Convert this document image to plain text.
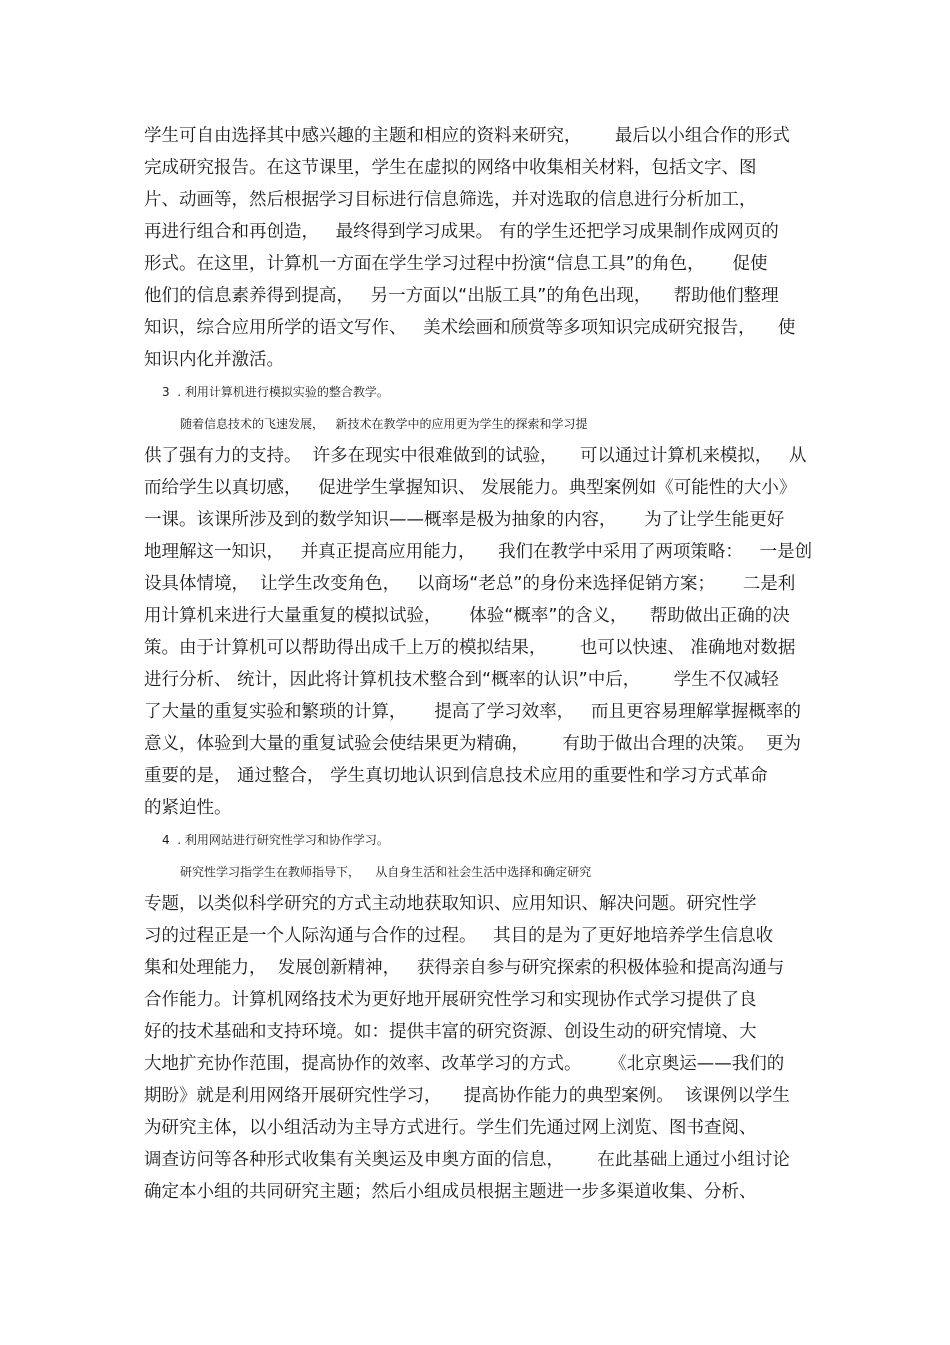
学生可自由选择其中感兴趣的主题和相应的资料来研究，      最后以小组合作的形式
完成研究报告。在这节课里，学生在虚拟的网络中收集相关材料，包括文字、图
片、动画等，然后根据学习目标进行信息筛选，并对选取的信息进行分析加工，
再进行组合和再创造，   最终得到学习成果。 有的学生还把学习成果制作成网页的
形式。在这里，计算机一方面在学生学习过程中扮演“信息工具”的角色，     促使
他们的信息素养得到提高，   另一方面以“出版工具”的角色出现，    帮助他们整理
知识，综合应用所学的语文写作、   美术绘画和颀赏等多项知识完成研究报告，    使
知识内化并激活。
3  . 利用计算机进行模拟实验的整合教学。
随着信息技术的飞速发展，   新技术在教学中的应用更为学生的探索和学习提
供了强有力的支持。  许多在现实中很难做到的试验，    可以通过计算机来模拟，   从
而给学生以真切感，   促进学生掌握知识、 发展能力。典型案例如《可能性的大小》
一课。该课所涉及到的数学知识——概率是极为抽象的内容，     为了让学生能更好
地理解这一知识，   并真正提高应用能力，    我们在教学中采用了两项策略：   一是创
设具体情境，  让学生改变角色，   以商场“老总”的身份来选择促销方案；     二是利
用计算机来进行大量重复的模拟试验，     体验“概率”的含义，    帮助做出正确的决
策。由于计算机可以帮助得出成千上万的模拟结果，      也可以快速、 准确地对数据
进行分析、 统计，因此将计算机技术整合到“概率的认识”中后，      学生不仅减轻
了大量的重复实验和繁琐的计算，     提高了学习效率，   而且更容易理解掌握概率的
意义，体验到大量的重复试验会使结果更为精确，      有助于做出合理的决策。  更为
重要的是， 通过整合， 学生真切地认识到信息技术应用的重要性和学习方式革命
的紧迫性。
4  . 利用网站进行研究性学习和协作学习。
研究性学习指学生在教师指导下，    从自身生活和社会生活中选择和确定研究
专题，以类似科学研究的方式主动地获取知识、应用知识、解决问题。研究性学
习的过程正是一个人际沟通与合作的过程。   其目的是为了更好地培养学生信息收
集和处理能力，  发展创新精神，   获得亲自参与研究探索的积极体验和提高沟通与
合作能力。计算机网络技术为更好地开展研究性学习和实现协作式学习提供了良
好的技术基础和支持环境。如：提供丰富的研究资源、创设生动的研究情境、大
大地扩充协作范围，提高协作的效率、改革学习的方式。     《北京奥运——我们的
期盼》就是利用网络开展研究性学习，    提高协作能力的典型案例。  该课例以学生
为研究主体，以小组活动为主导方式进行。学生们先通过网上浏览、图书查阅、
调查访问等各种形式收集有关奥运及申奥方面的信息，      在此基础上通过小组讨论
确定本小组的共同研究主题；然后小组成员根据主题进一步多渠道收集、分析、
